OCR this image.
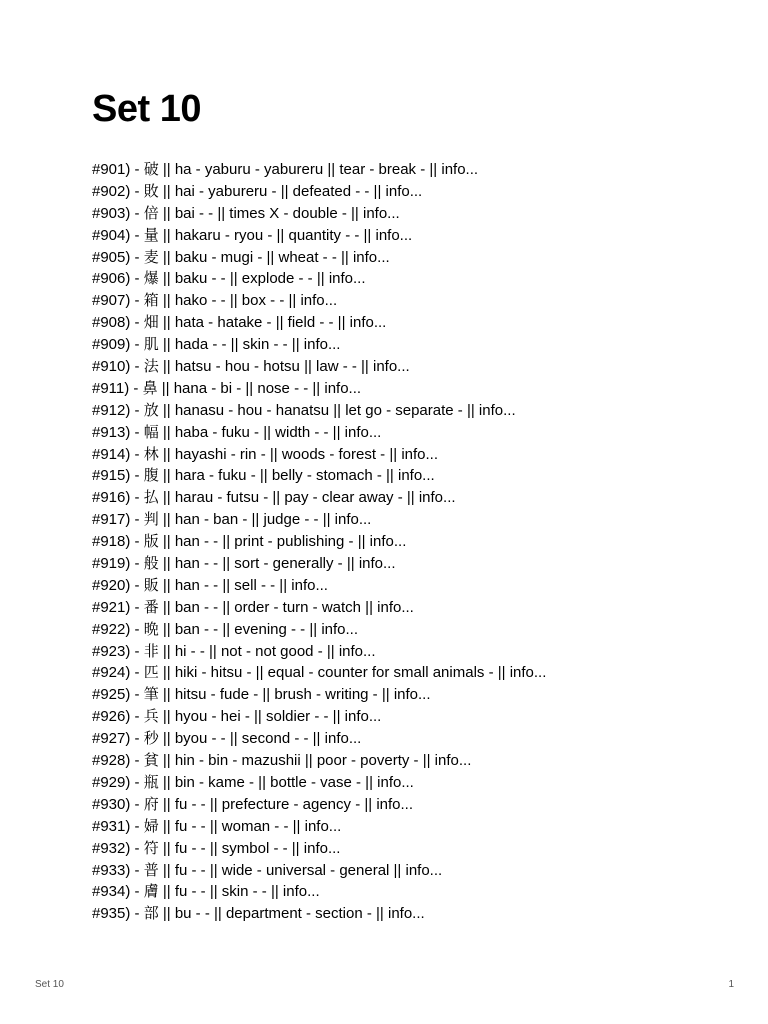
Set 10
#901) - 破 || ha - yaburu - yabureru || tear - break - || info...
#902) - 敗 || hai - yabureru - || defeated - - || info...
#903) - 倍 || bai - - || times X - double - || info...
#904) - 量 || hakaru - ryou - || quantity - - || info...
#905) - 麦 || baku - mugi - || wheat - - || info...
#906) - 爆 || baku - - || explode - - || info...
#907) - 箱 || hako - - || box - - || info...
#908) - 畑 || hata - hatake - || field - - || info...
#909) - 肌 || hada - - || skin - - || info...
#910) - 法 || hatsu - hou - hotsu || law - - || info...
#911) - 鼻 || hana - bi - || nose - - || info...
#912) - 放 || hanasu - hou - hanatsu || let go - separate - || info...
#913) - 幅 || haba - fuku - || width - - || info...
#914) - 林 || hayashi - rin - || woods - forest - || info...
#915) - 腹 || hara - fuku - || belly - stomach - || info...
#916) - 払 || harau - futsu - || pay - clear away - || info...
#917) - 判 || han - ban - || judge - - || info...
#918) - 版 || han - - || print - publishing - || info...
#919) - 般 || han - - || sort - generally - || info...
#920) - 販 || han - - || sell - - || info...
#921) - 番 || ban - - || order - turn - watch || info...
#922) - 晩 || ban - - || evening - - || info...
#923) - 非 || hi - - || not - not good - || info...
#924) - 匹 || hiki - hitsu - || equal - counter for small animals - || info...
#925) - 筆 || hitsu - fude - || brush - writing - || info...
#926) - 兵 || hyou - hei - || soldier - - || info...
#927) - 秒 || byou - - || second - - || info...
#928) - 貧 || hin - bin - mazushii || poor - poverty - || info...
#929) - 瓶 || bin - kame - || bottle - vase - || info...
#930) - 府 || fu - - || prefecture - agency - || info...
#931) - 婦 || fu - - || woman - - || info...
#932) - 符 || fu - - || symbol - - || info...
#933) - 普 || fu - - || wide - universal - general || info...
#934) - 膚 || fu - - || skin - - || info...
#935) - 部 || bu - - || department - section - || info...
Set 10	1
